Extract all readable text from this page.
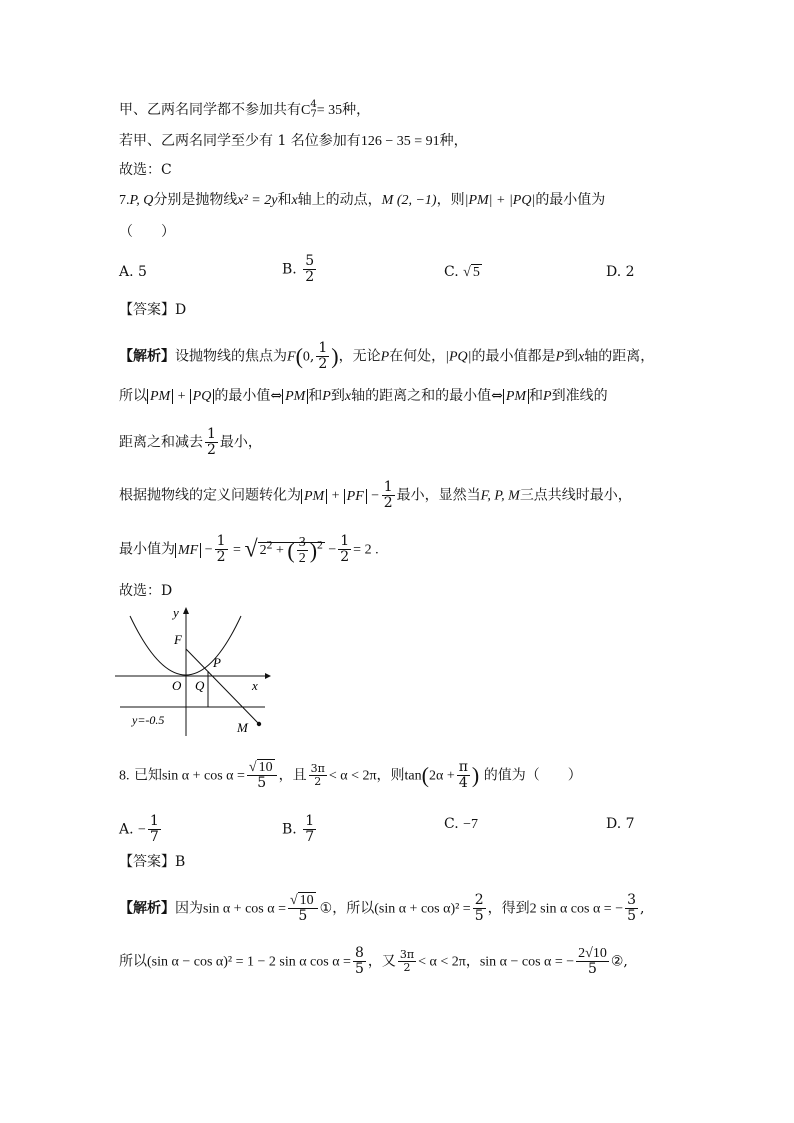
甲、乙两名同学都不参加共有C 4
7 = 35种，
若甲、乙两名同学至少有 1 名位参加有126 − 35 = 91种，
故选：C
7.P, Q分别是抛物线x² = 2y和x轴上的动点，M (2, −1)，则|PM| + |PQ|的最小值为
（　　）
A. 5	B. $\frac{5}{2}$	C. √ 5	D. 2
【答案】D
【解析】设抛物线的焦点为F(0, $\frac{1}{2}$ )，无论P在何处，|PQ|的最小值都是P到x轴的距离，
所以 PM + PQ 的最小值⇔ PM 和P到x轴的距离之和的最小值⇔ PM 和P到准线的
距离之和减去 $\frac{1}{2}$ 最小，
根据抛物线的定义问题转化为 PM + PF − $\frac{1}{2}$ 最小，显然当F, P, M三点共线时最小，
最小值为 MF − $\frac{1}{2}$ = √ $2^2$ + ( $\frac{3}{2} )^2 - \frac{1}{2} = 2$ .
故选：D
F
y
x
O Q
P
M
y=-0.5
8. 已知$\sin \alpha + \cos \alpha = \frac{√ 10}{5}$ ，且 $\frac{3\pi}{2} < \alpha < 2\pi$，则$\tan(2\alpha + \frac{\pi}{4}$ ) 的值为（　　）
A. − $\frac{1}{7}$	B. $\frac{1}{7}$	C. −7	D. 7
【答案】B
【解析】因为$\sin \alpha + \cos \alpha = \frac{√ 10}{5}$ ①，所以(sin $\alpha + \cos \alpha)^2 = \frac{2}{5}$ ，得到2 sin α cos α = − $\frac{3}{5}$ ,
所以(sin α − cos α)² = 1 − 2 sin α $\cos \alpha = \frac{8}{5}$ ，又 $\frac{3\pi}{2} < \alpha < 2\pi$，sin α − cos α = − $\frac{2√10}{5}$ ②,
